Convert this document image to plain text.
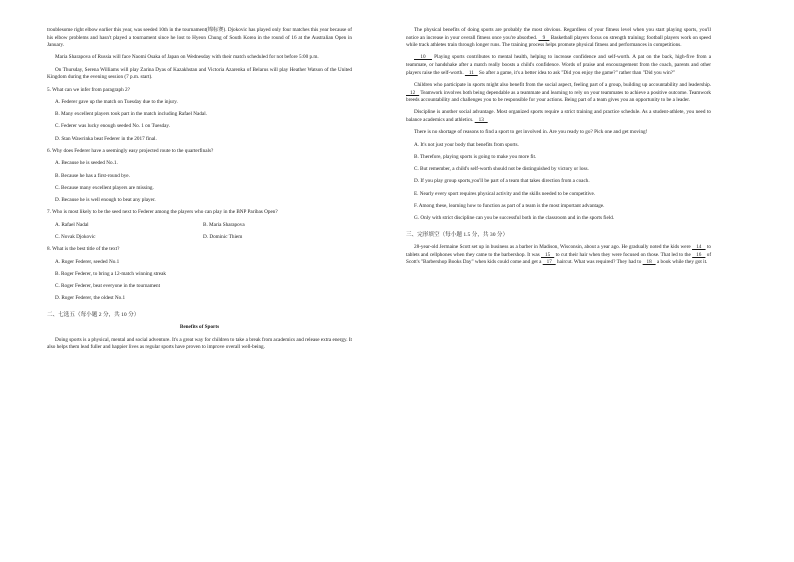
troublesome right elbow earlier this year, was seeded 10th in the tournament(锦标赛). Djokovic has played only four matches this year because of his elbow problems and hasn't played a tournament since he lost to Hyeon Chung of South Korea in the round of 16 at the Australian Open in January.

Maria Sharapova of Russia will face Naomi Osaka of Japan on Wednesday with their match scheduled for not before 5:00 p.m.

On Thursday, Serena Williams will play Zarina Dyas of Kazakhstan and Victoria Azarenka of Belarus will play Heather Watson of the United Kingdom during the evening session (7 p.m. start).

5. What can we infer from paragraph 2?

A. Federer gave up the match on Tuesday due to the injury.

B. Many excellent players took part in the match including Rafael Nadal.

C. Federer was lucky enough seeded No. 1 on Tuesday.

D. Stan Wawrinka beat Federer in the 2017 final.

6. Why does Federer have a seemingly easy projected route to the quarterfinals?

A. Because he is seeded No.1.

B. Because he has a first-round bye.

C. Because many excellent players are missing.

D. Because he is well enough to beat any player.

7. Who is most likely to be the seed next to Federer among the players who can play in the BNP Paribas Open?

A. Rafael Nadal	B. Maria Sharapova
C. Novak Djokovic	D. Dominic Thiem

8. What is the best title of the text?

A. Roger Federer, seeded No.1

B. Roger Federer, to bring a 12-match winning streak

C. Roger Federer, beat everyone in the tournament

D. Roger Federer, the oldest No.1

二、七选五（每小题 2 分，共 10 分）

Benefits of Sports

Doing sports is a physical, mental and social adventure. It's a great way for children to take a break from academics and release extra energy. It also helps them lead fuller and happier lives as regular sports have proven to improve overall well-being.

The physical benefits of doing sports are probably the most obvious. Regardless of your fitness level when you start playing sports, you'll notice an increase in your overall fitness once you're absorbed.    9    Basketball players focus on strength training; football players work on speed while track athletes train through longer runs. The training process helps promote physical fitness and performances in competitions.

10    Playing sports contributes to mental health, helping to increase confidence and self-worth. A pat on the back, high-five from a teammate, or handshake after a match really boosts a child's confidence. Words of praise and encouragement from the coach, parents and other players raise the self-worth.    11    So after a game, it's a better idea to ask "Did you enjoy the game?" rather than "Did you win?"

Children who participate in sports might also benefit from the social aspect, feeling part of a group, building up accountability and leadership.    12    Teamwork involves both being dependable as a teammate and learning to rely on your teammates to achieve a positive outcome. Teamwork breeds accountability and challenges you to be responsible for your actions. Being part of a team gives you an opportunity to be a leader.

Discipline is another social advantage. Most organized sports require a strict training and practice schedule. As a student-athlete, you need to balance academics and athletics.    13

There is no shortage of reasons to find a sport to get involved in. Are you ready to go? Pick one and get moving!

A. It's not just your body that benefits from sports.

B. Therefore, playing sports is going to make you more fit.

C. But remember, a child's self-worth should not be distinguished by victory or loss.

D. If you play group sports,you'll be part of a team that takes direction from a coach.

E. Nearly every sport requires physical activity and the skills needed to be competitive.

F. Among these, learning how to function as part of a team is the most important advantage.

G. Only with strict discipline can you be successful both in the classroom and in the sports field.

三、完形填空（每小题 1.5 分，共 30 分）

28-year-old Jermaine Scott set up in business as a barber in Madison, Wisconsin, about a year ago. He gradually noted the kids were    14    to tablets and cellphones when they came to the barbershop. It was    15    to cut their hair when they were focused on those. That led to the    16    of Scott's "Barbershop Books Day" when kids could come and get a    17    haircut. What was required? They had to    18    a book while they got it.
